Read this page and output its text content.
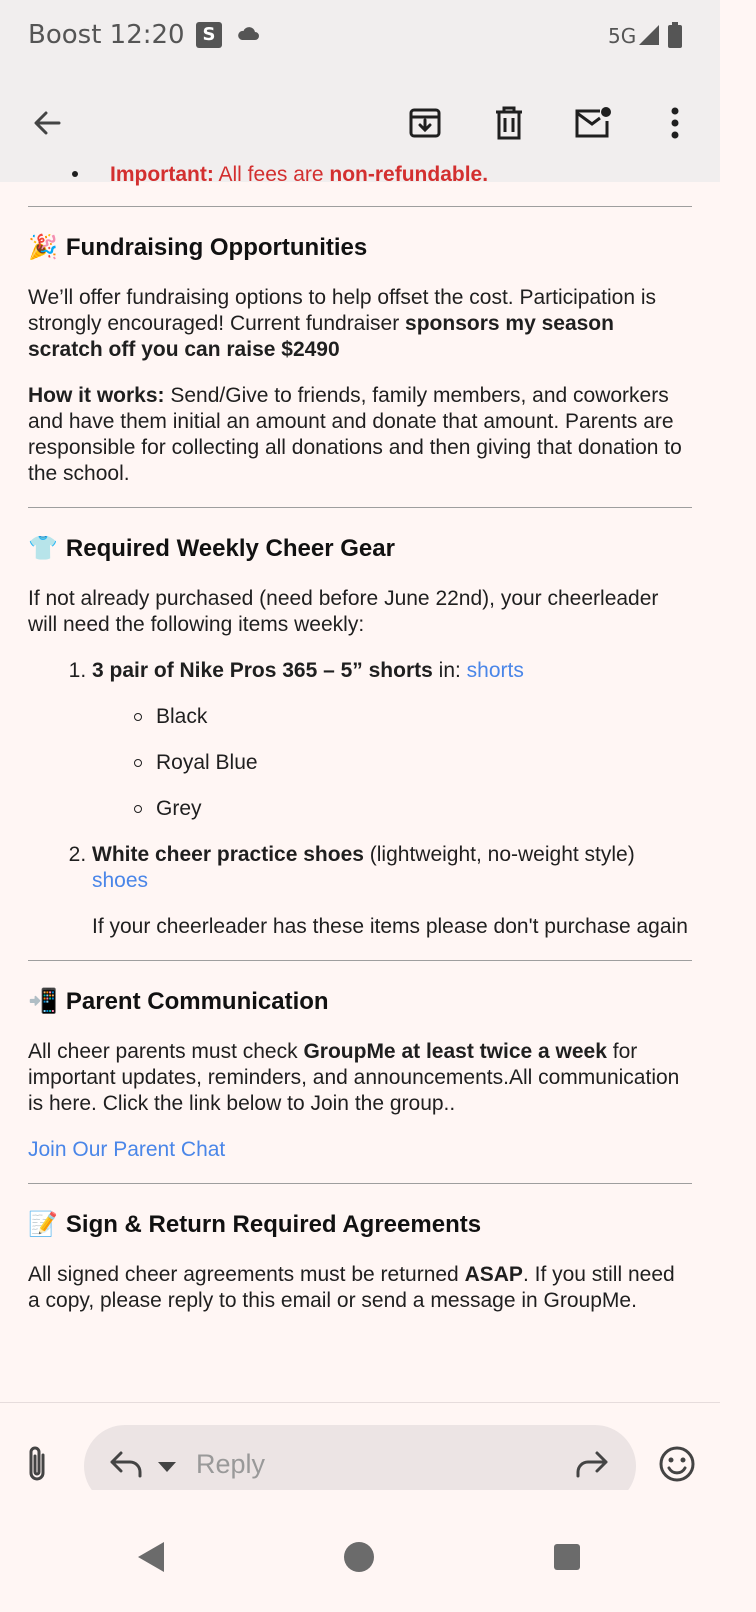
Boost 12:20 S	5G
Important: All fees are non-refundable.
🎉 Fundraising Opportunities

We’ll offer fundraising options to help offset the cost. Participation is strongly encouraged! Current fundraiser sponsors my season scratch off you can raise $2490

How it works: Send/Give to friends, family members, and coworkers and have them initial an amount and donate that amount. Parents are responsible for collecting all donations and then giving that donation to the school.

👕 Required Weekly Cheer Gear

If not already purchased (need before June 22nd), your cheerleader will need the following items weekly:

1. 3 pair of Nike Pros 365 – 5” shorts in: shorts
Black
Royal Blue
Grey
2. White cheer practice shoes (lightweight, no-weight style) shoes

If your cheerleader has these items please don't purchase again

📲 Parent Communication

All cheer parents must check GroupMe at least twice a week for important updates, reminders, and announcements.All communication is here. Click the link below to Join the group..

Join Our Parent Chat

📝 Sign & Return Required Agreements

All signed cheer agreements must be returned ASAP. If you still need a copy, please reply to this email or send a message in GroupMe.

Reply
